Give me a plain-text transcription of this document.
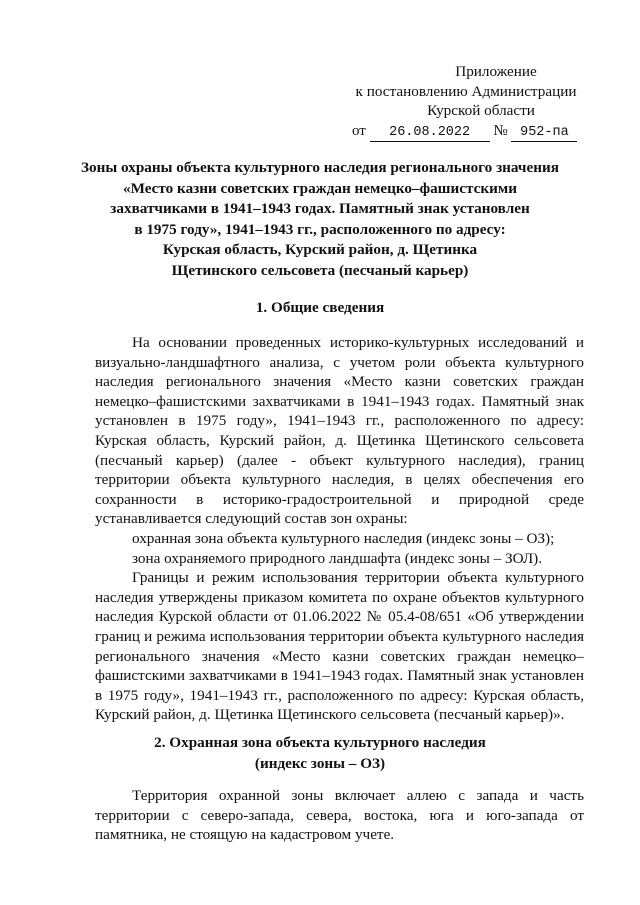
Приложение
к постановлению Администрации
Курской области
от 26.08.2022 № 952-па
Зоны охраны объекта культурного наследия регионального значения
«Место казни советских граждан немецко–фашистскими
захватчиками в 1941–1943 годах. Памятный знак установлен
в 1975 году», 1941–1943 гг., расположенного по адресу:
Курская область, Курский район, д. Щетинка
Щетинского сельсовета (песчаный карьер)
1. Общие сведения

На основании проведенных историко-культурных исследований и визуально-ландшафтного анализа, с учетом роли объекта культурного наследия регионального значения «Место казни советских граждан немецко–фашистскими захватчиками в 1941–1943 годах. Памятный знак установлен в 1975 году», 1941–1943 гг., расположенного по адресу: Курская область, Курский район, д. Щетинка Щетинского сельсовета (песчаный карьер) (далее - объект культурного наследия), границ территории объекта культурного наследия, в целях обеспечения его сохранности в историко-градостроительной и природной среде устанавливается следующий состав зон охраны:

охранная зона объекта культурного наследия (индекс зоны – ОЗ);

зона охраняемого природного ландшафта (индекс зоны – ЗОЛ).

Границы и режим использования территории объекта культурного наследия утверждены приказом комитета по охране объектов культурного наследия Курской области от 01.06.2022 № 05.4-08/651 «Об утверждении границ и режима использования территории объекта культурного наследия регионального значения «Место казни советских граждан немецко–фашистскими захватчиками в 1941–1943 годах. Памятный знак установлен в 1975 году», 1941–1943 гг., расположенного по адресу: Курская область, Курский район, д. Щетинка Щетинского сельсовета (песчаный карьер)».

2. Охранная зона объекта культурного наследия
(индекс зоны – ОЗ)

Территория охранной зоны включает аллею с запада и часть территории с северо-запада, севера, востока, юга и юго-запада от памятника, не стоящую на кадастровом учете.
